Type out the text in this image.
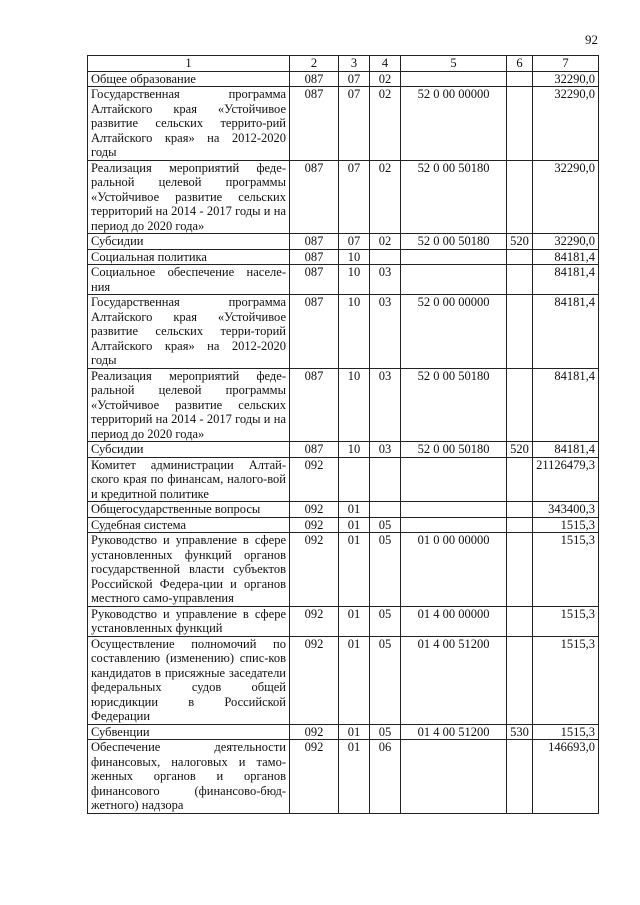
92
1	2	3	4	5	6	7
Общее образование	087	07	02			32290,0
Государственная программа Алтайского края «Устойчивое развитие сельских террито-рий Алтайского края» на 2012-2020 годы	087	07	02	52 0 00 00000		32290,0
Реализация мероприятий феде-ральной целевой программы «Устойчивое развитие сельских территорий на 2014 - 2017 годы и на период до 2020 года»	087	07	02	52 0 00 50180		32290,0
Субсидии	087	07	02	52 0 00 50180	520	32290,0
Социальная политика	087	10				84181,4
Социальное обеспечение населе-ния	087	10	03			84181,4
Государственная программа Алтайского края «Устойчивое развитие сельских терри-торий Алтайского края» на 2012-2020 годы	087	10	03	52 0 00 00000		84181,4
Реализация мероприятий феде-ральной целевой программы «Устойчивое развитие сельских территорий на 2014 - 2017 годы и на период до 2020 года»	087	10	03	52 0 00 50180		84181,4
Субсидии	087	10	03	52 0 00 50180	520	84181,4
Комитет администрации Алтай-ского края по финансам, налого-вой и кредитной политике	092					21126479,3
Общегосударственные вопросы	092	01				343400,3
Судебная система	092	01	05			1515,3
Руководство и управление в сфере установленных функций органов государственной власти субъектов Российской Федера-ции и органов местного само-управления	092	01	05	01 0 00 00000		1515,3
Руководство и управление в сфере установленных функций	092	01	05	01 4 00 00000		1515,3
Осуществление полномочий по составлению (изменению) спис-ков кандидатов в присяжные заседатели федеральных судов общей юрисдикции в Российской Федерации	092	01	05	01 4 00 51200		1515,3
Субвенции	092	01	05	01 4 00 51200	530	1515,3
Обеспечение деятельности финансовых, налоговых и тамо-женных органов и органов финансового (финансово-бюд-жетного) надзора	092	01	06			146693,0
